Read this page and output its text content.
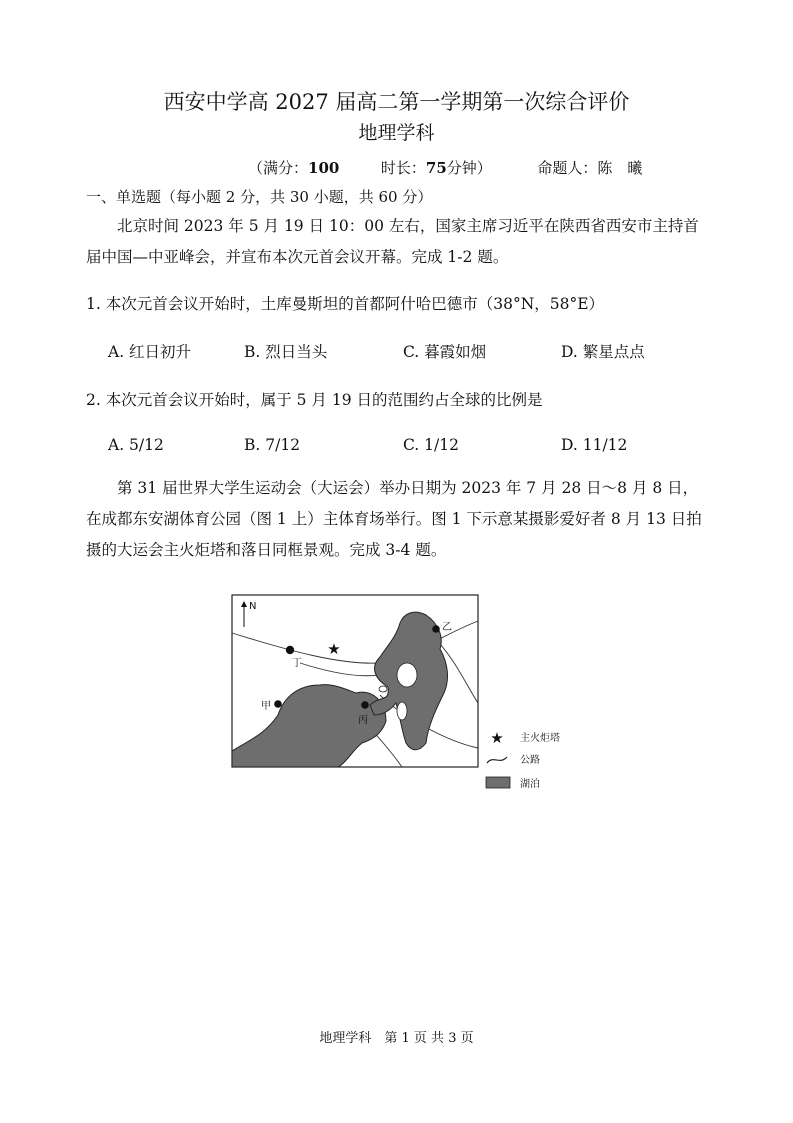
西安中学高 2027 届高二第一学期第一次综合评价
地理学科
（满分：100	时长：75分钟）	命题人：陈　曦
一、单选题（每小题 2 分，共 30 小题，共 60 分）
北京时间 2023 年 5 月 19 日 10：00 左右，国家主席习近平在陕西省西安市主持首届中国—中亚峰会，并宣布本次元首会议开幕。完成 1-2 题。
1. 本次元首会议开始时，土库曼斯坦的首都阿什哈巴德市（38°N，58°E）
A. 红日初升	B. 烈日当头	C. 暮霞如烟	D. 繁星点点
2. 本次元首会议开始时，属于 5 月 19 日的范围约占全球的比例是
A. 5/12	B. 7/12	C. 1/12	D. 11/12
第 31 届世界大学生运动会（大运会）举办日期为 2023 年 7 月 28 日～8 月 8 日，在成都东安湖体育公园（图 1 上）主体育场举行。图 1 下示意某摄影爱好者 8 月 13 日拍摄的大运会主火炬塔和落日同框景观。完成 3-4 题。
N
丁
★
乙
甲
丙
★ 主火炬塔
公路
湖泊
地理学科　第 1 页 共 3 页
